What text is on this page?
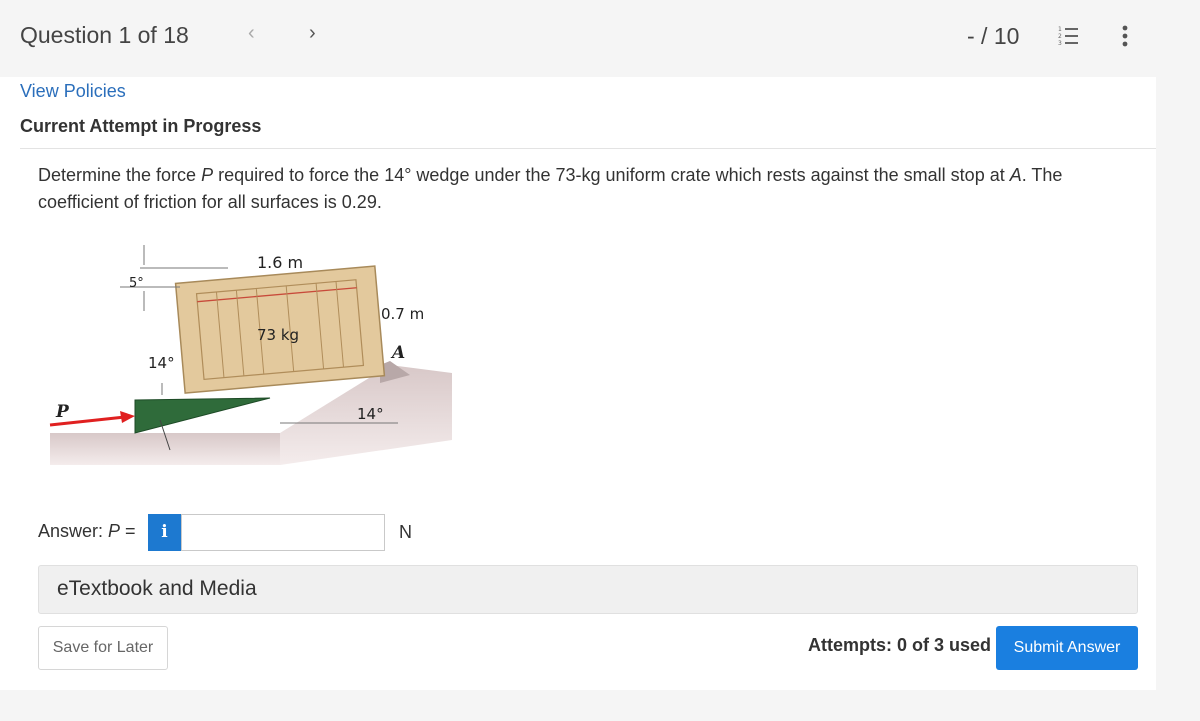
Question 1 of 18	‹	›	- / 10	1
2
3
View Policies
Current Attempt in Progress
Determine the force P required to force the 14° wedge under the 73-kg uniform crate which rests against the small stop at A. The coefficient of friction for all surfaces is 0.29.
1.6 m
5°
0.7 m
73 kg
A
14°
14°
P
Answer: P =	i	N
eTextbook and Media
Save for Later	Attempts: 0 of 3 used	Submit Answer
